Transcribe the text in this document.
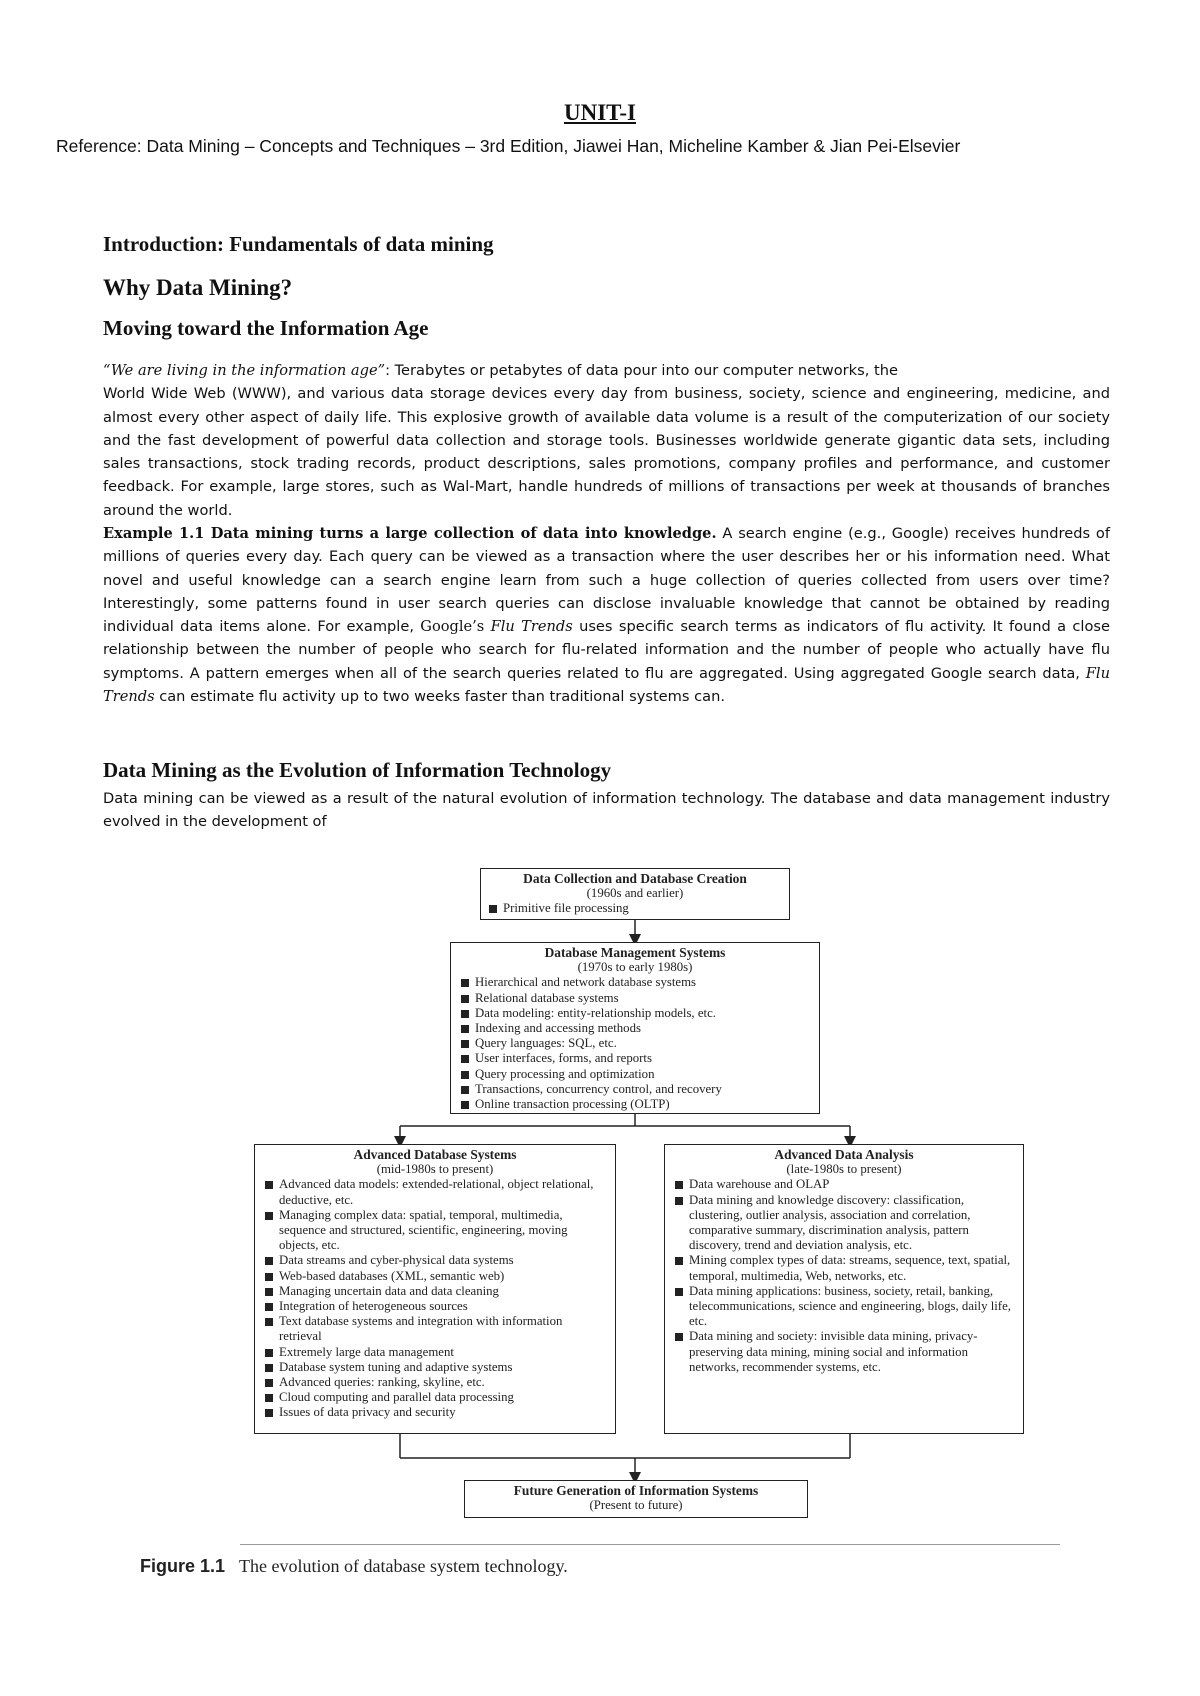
UNIT-I
Reference: Data Mining – Concepts and Techniques – 3rd Edition, Jiawei Han, Micheline Kamber & Jian Pei-Elsevier
Introduction: Fundamentals of data mining
Why Data Mining?
Moving toward the Information Age
“We are living in the information age”: Terabytes or petabytes of data pour into our computer networks, the
World Wide Web (WWW), and various data storage devices every day from business, society, science and engineering, medicine, and almost every other aspect of daily life. This explosive growth of available data volume is a result of the computerization of our society and the fast development of powerful data collection and storage tools. Businesses worldwide generate gigantic data sets, including sales transactions, stock trading records, product descriptions, sales promotions, company profiles and performance, and customer feedback. For example, large stores, such as Wal-Mart, handle hundreds of millions of transactions per week at thousands of branches around the world.
Example 1.1 Data mining turns a large collection of data into knowledge. A search engine (e.g., Google) receives hundreds of millions of queries every day. Each query can be viewed as a transaction where the user describes her or his information need. What novel and useful knowledge can a search engine learn from such a huge collection of queries collected from users over time? Interestingly, some patterns found in user search queries can disclose invaluable knowledge that cannot be obtained by reading individual data items alone. For example, Google’s Flu Trends uses specific search terms as indicators of flu activity. It found a close relationship between the number of people who search for flu-related information and the number of people who actually have flu symptoms. A pattern emerges when all of the search queries related to flu are aggregated. Using aggregated Google search data, Flu Trends can estimate flu activity up to two weeks faster than traditional systems can.
Data Mining as the Evolution of Information Technology
Data mining can be viewed as a result of the natural evolution of information technology. The database and data management industry evolved in the development of
Data Collection and Database Creation
(1960s and earlier)
Primitive file processing
Database Management Systems
(1970s to early 1980s)
Hierarchical and network database systems
Relational database systems
Data modeling: entity-relationship models, etc.
Indexing and accessing methods
Query languages: SQL, etc.
User interfaces, forms, and reports
Query processing and optimization
Transactions, concurrency control, and recovery
Online transaction processing (OLTP)
Advanced Database Systems
(mid-1980s to present)
Advanced data models: extended-relational, object relational, deductive, etc.
Managing complex data: spatial, temporal, multimedia, sequence and structured, scientific, engineering, moving objects, etc.
Data streams and cyber-physical data systems
Web-based databases (XML, semantic web)
Managing uncertain data and data cleaning
Integration of heterogeneous sources
Text database systems and integration with information retrieval
Extremely large data management
Database system tuning and adaptive systems
Advanced queries: ranking, skyline, etc.
Cloud computing and parallel data processing
Issues of data privacy and security
Advanced Data Analysis
(late-1980s to present)
Data warehouse and OLAP
Data mining and knowledge discovery: classification, clustering, outlier analysis, association and correlation, comparative summary, discrimination analysis, pattern discovery, trend and deviation analysis, etc.
Mining complex types of data: streams, sequence, text, spatial, temporal, multimedia, Web, networks, etc.
Data mining applications: business, society, retail, banking, telecommunications, science and engineering, blogs, daily life, etc.
Data mining and society: invisible data mining, privacy-preserving data mining, mining social and information networks, recommender systems, etc.
Future Generation of Information Systems
(Present to future)
Figure 1.1 The evolution of database system technology.
